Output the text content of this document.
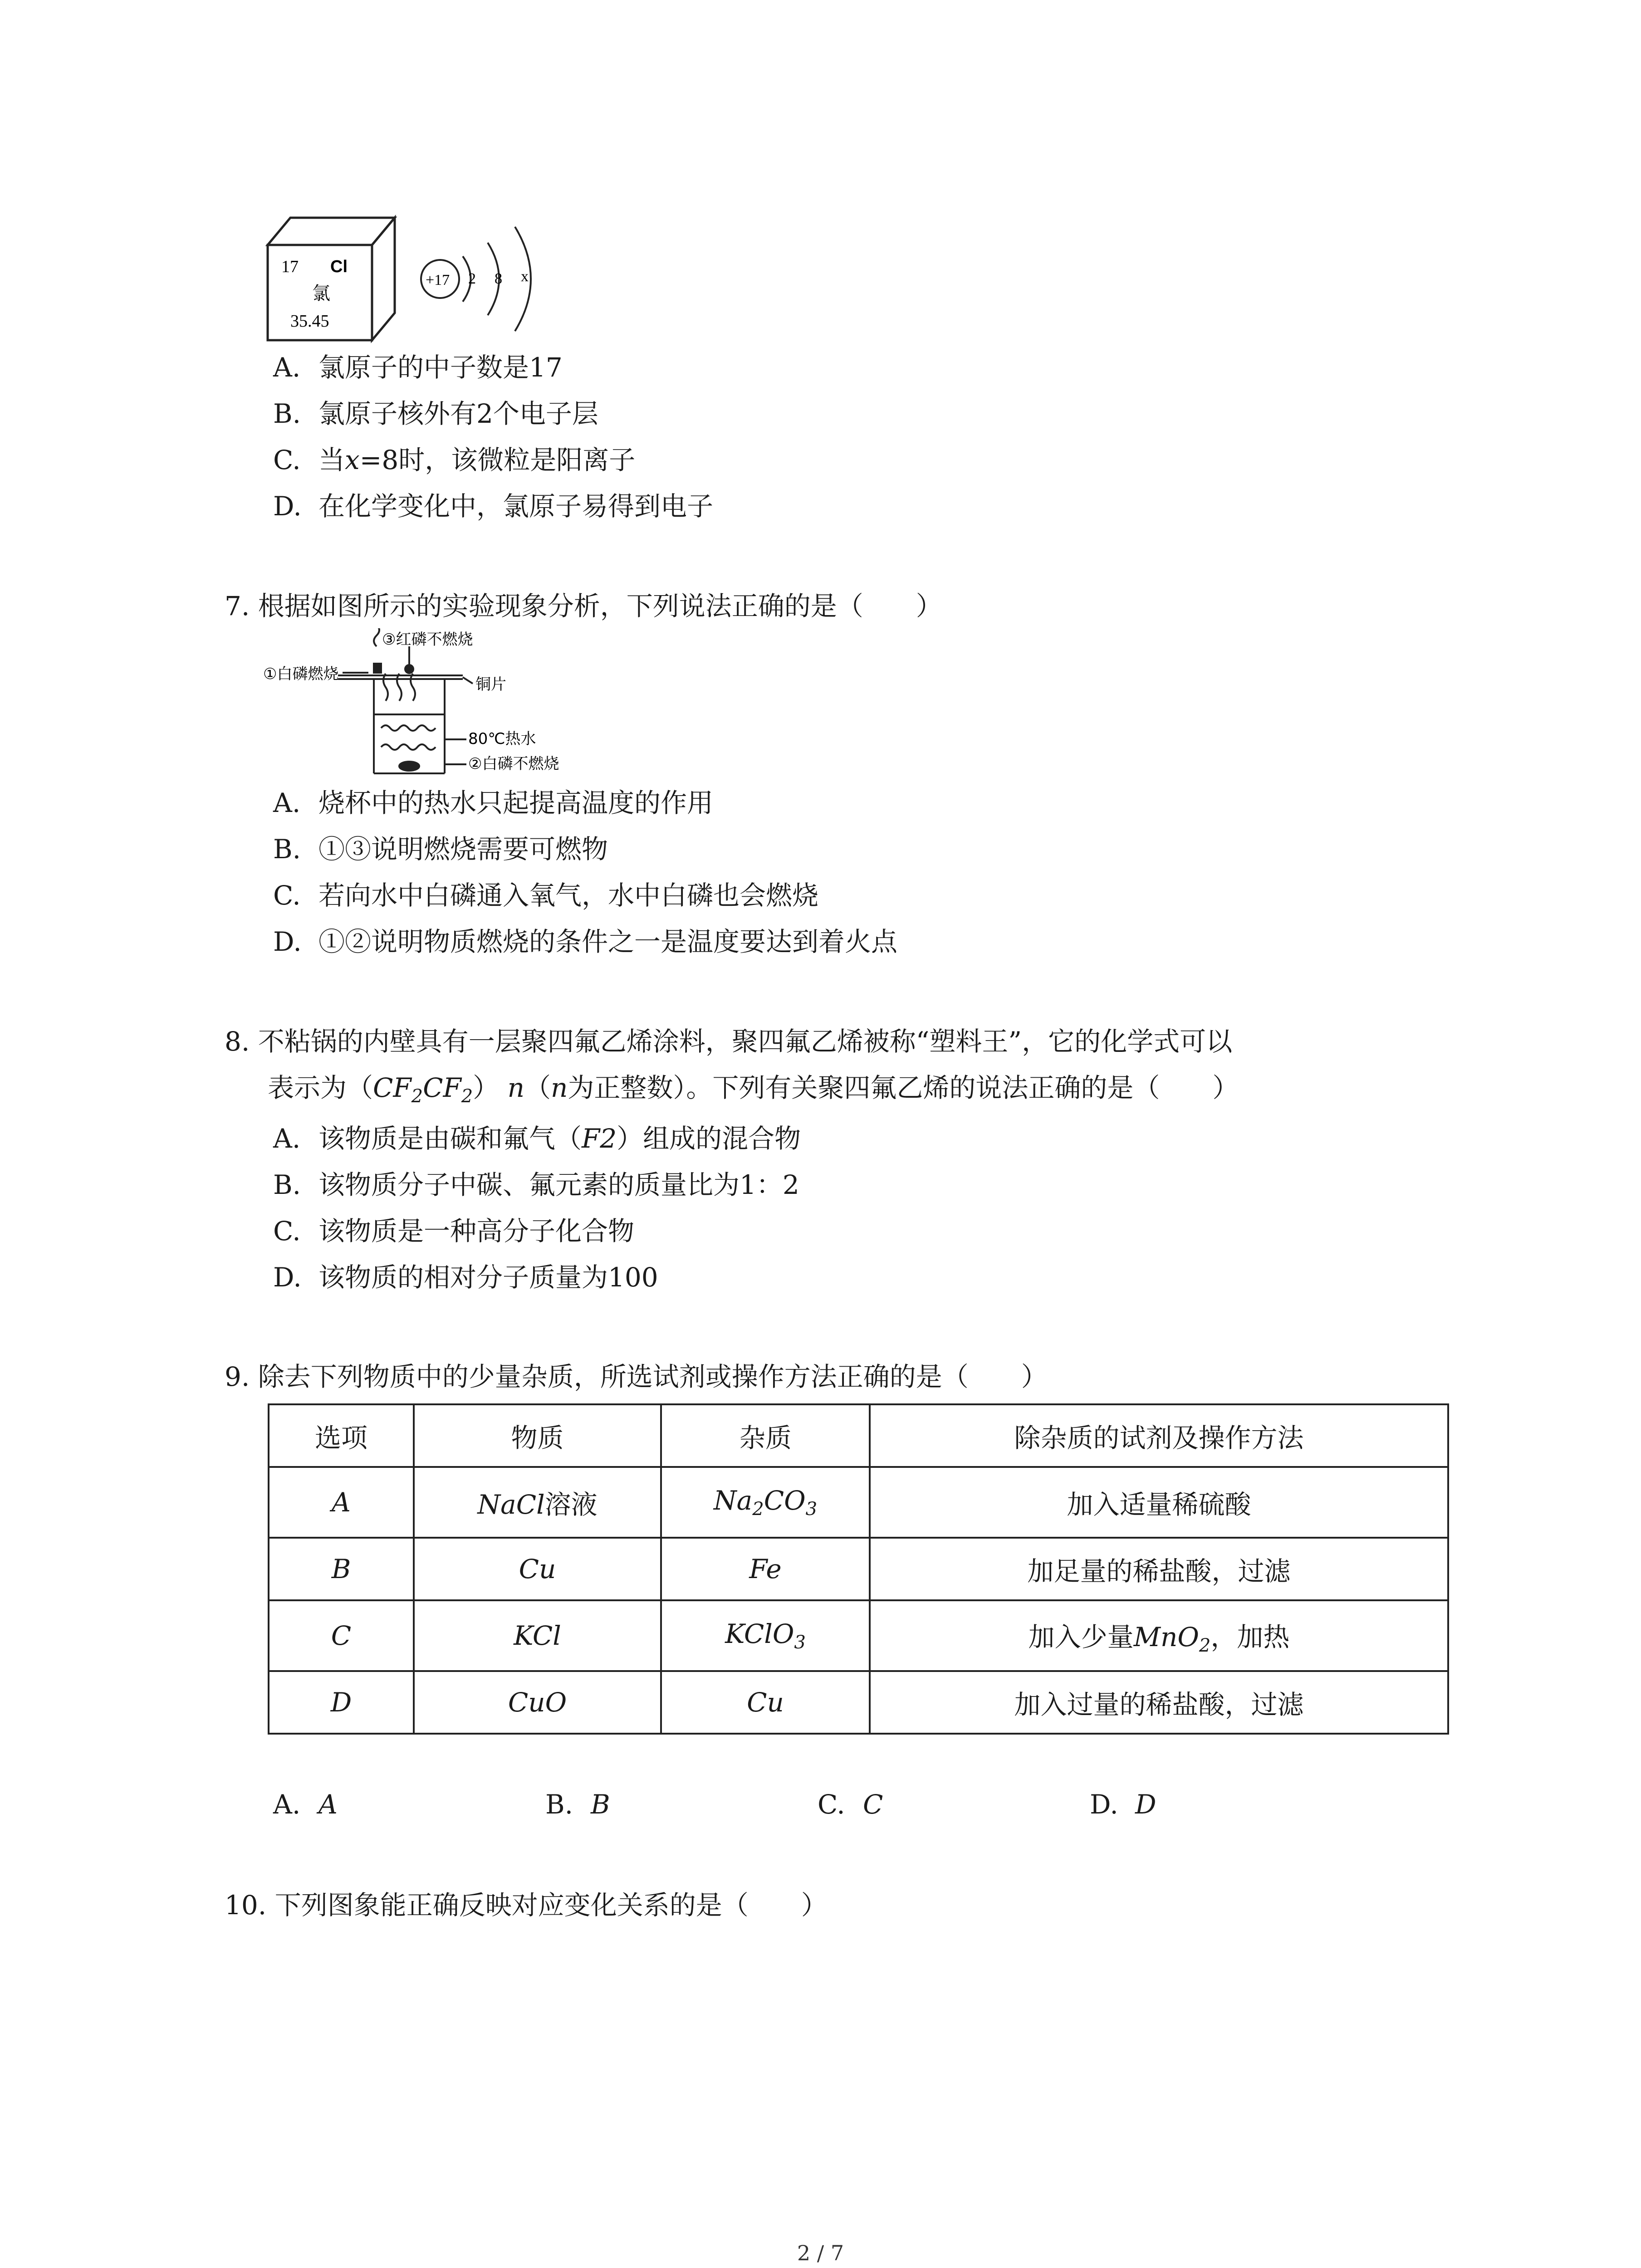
17 Cl
氯
35.45
+17 2 8 x
A. 氯原子的中子数是17
B. 氯原子核外有2个电子层
C. 当x=8时，该微粒是阳离子
D. 在化学变化中，氯原子易得到电子
7. 根据如图所示的实验现象分析，下列说法正确的是（　　）
③红磷不燃烧
①白磷燃烧
铜片
80℃热水
②白磷不燃烧
A. 烧杯中的热水只起提高温度的作用
B. ①③说明燃烧需要可燃物
C. 若向水中白磷通入氧气，水中白磷也会燃烧
D. ①②说明物质燃烧的条件之一是温度要达到着火点
8. 不粘锅的内壁具有一层聚四氟乙烯涂料，聚四氟乙烯被称“塑料王”，它的化学式可以
表示为$(CF_2CF_2)$ n（n为正整数）。下列有关聚四氟乙烯的说法正确的是（　　）
A. 该物质是由碳和氟气（F2）组成的混合物
B. 该物质分子中碳、氟元素的质量比为1：2
C. 该物质是一种高分子化合物
D. 该物质的相对分子质量为100
9. 除去下列物质中的少量杂质，所选试剂或操作方法正确的是（　　）
选项	物质	杂质	除杂质的试剂及操作方法
A	NaCl溶液	$Na_2CO_3$	加入适量稀硫酸
B	Cu	Fe	加足量的稀盐酸，过滤
C	KCl	KClO$_3$	加入少量MnO$_2$，加热
D	CuO	Cu	加入过量的稀盐酸，过滤
A. A	B. B	C. C	D. D
10. 下列图象能正确反映对应变化关系的是（　　）
2 / 7
